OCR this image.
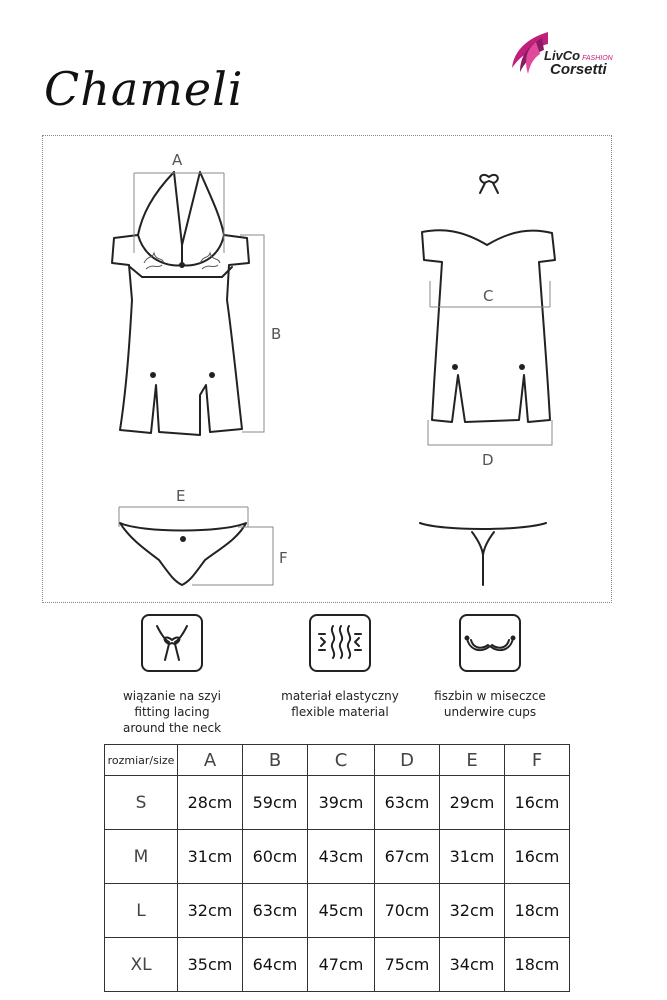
LivCo FASHION
Corsetti
Chameli
A
B
C
D
E
F
wiązanie na szyi
fitting lacing
around the neck
materiał elastyczny
flexible material
fiszbin w miseczce
underwire cups
rozmiar/size	A	B	C	D	E	F
S	28cm	59cm	39cm	63cm	29cm	16cm
M	31cm	60cm	43cm	67cm	31cm	16cm
L	32cm	63cm	45cm	70cm	32cm	18cm
XL	35cm	64cm	47cm	75cm	34cm	18cm
